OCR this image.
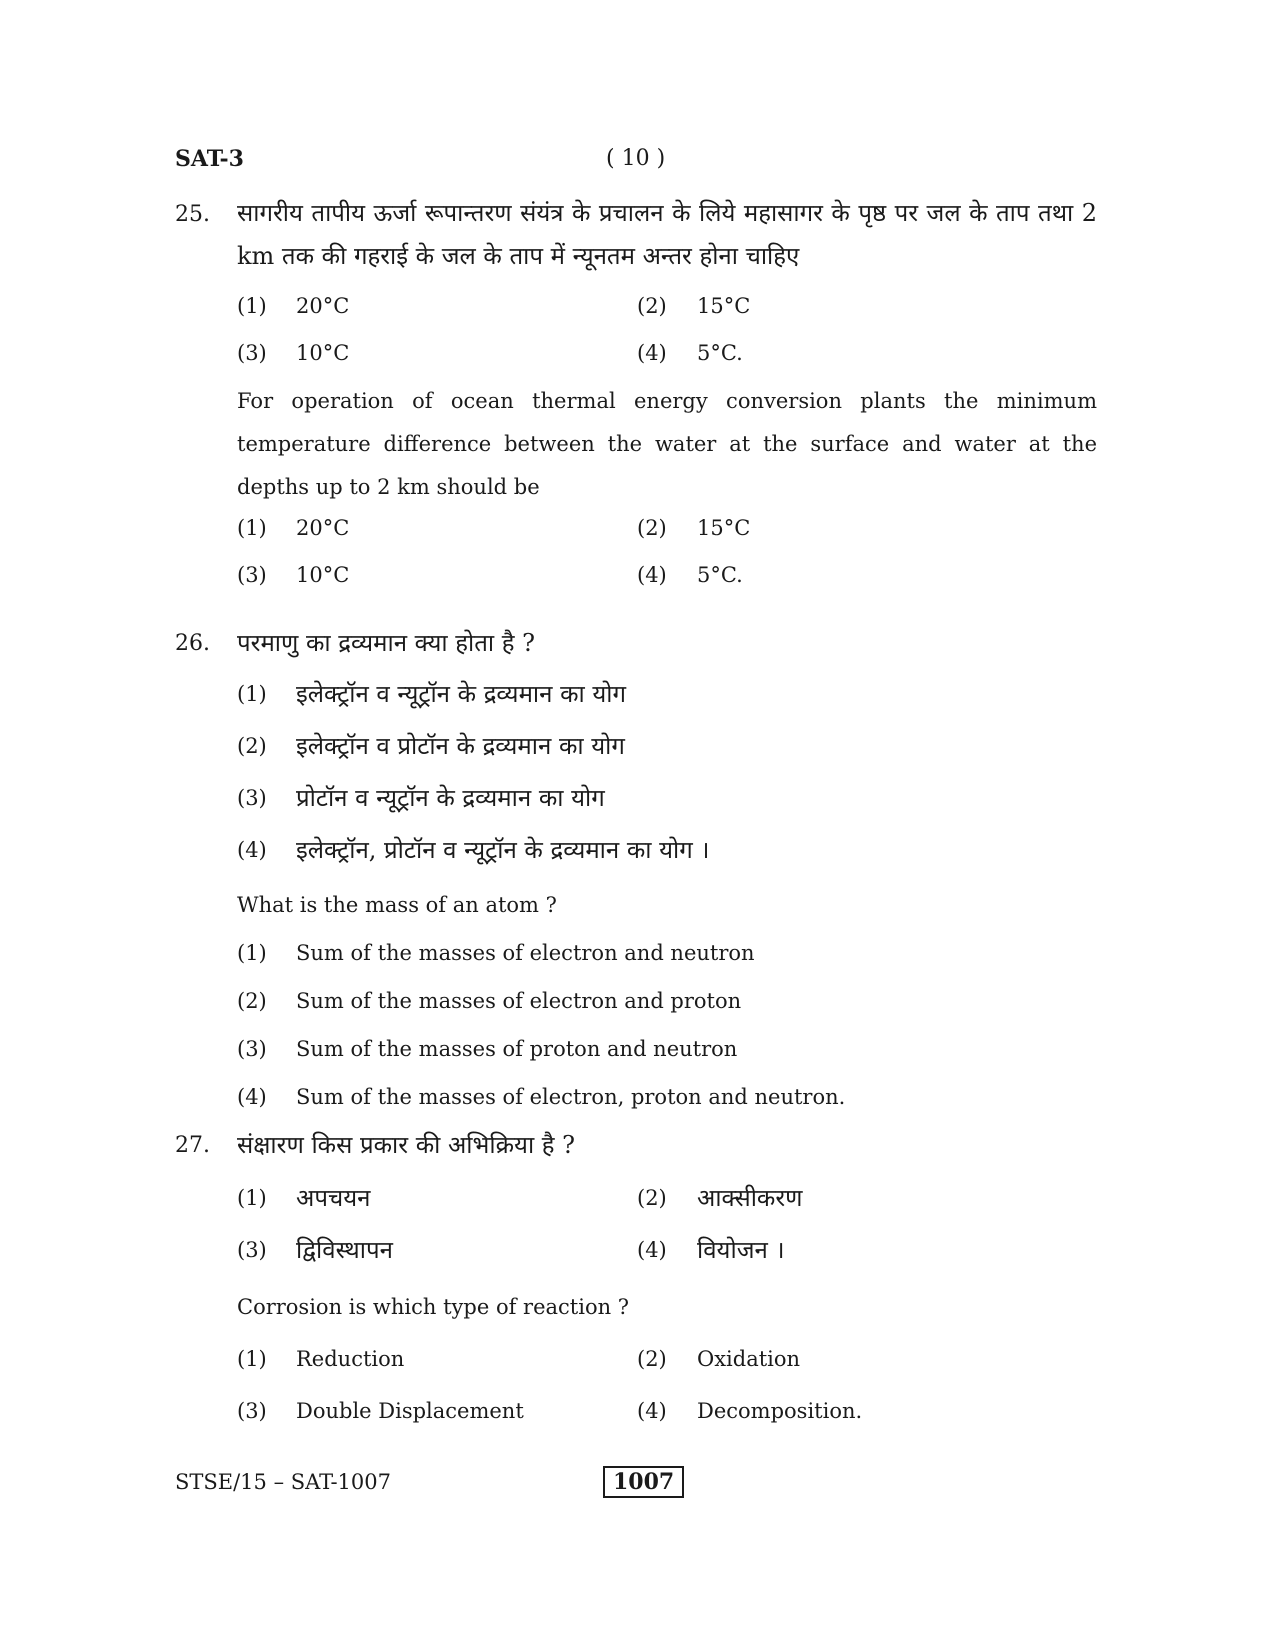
SAT-3	( 10 )
25. सागरीय तापीय ऊर्जा रूपान्तरण संयंत्र के प्रचालन के लिये महासागर के पृष्ठ पर जल के ताप तथा 2 km तक की गहराई के जल के ताप में न्यूनतम अन्तर होना चाहिए
(1) 20°C	(2) 15°C
(3) 10°C	(4) 5°C.
For operation of ocean thermal energy conversion plants the minimum temperature difference between the water at the surface and water at the depths up to 2 km should be
(1) 20°C	(2) 15°C
(3) 10°C	(4) 5°C.
26. परमाणु का द्रव्यमान क्या होता है ?
(1) इलेक्ट्रॉन व न्यूट्रॉन के द्रव्यमान का योग
(2) इलेक्ट्रॉन व प्रोटॉन के द्रव्यमान का योग
(3) प्रोटॉन व न्यूट्रॉन के द्रव्यमान का योग
(4) इलेक्ट्रॉन, प्रोटॉन व न्यूट्रॉन के द्रव्यमान का योग ।
What is the mass of an atom ?
(1) Sum of the masses of electron and neutron
(2) Sum of the masses of electron and proton
(3) Sum of the masses of proton and neutron
(4) Sum of the masses of electron, proton and neutron.
27. संक्षारण किस प्रकार की अभिक्रिया है ?
(1) अपचयन	(2) आक्सीकरण
(3) द्विविस्थापन	(4) वियोजन ।
Corrosion is which type of reaction ?
(1) Reduction	(2) Oxidation
(3) Double Displacement	(4) Decomposition.
STSE/15 – SAT-1007	1007
